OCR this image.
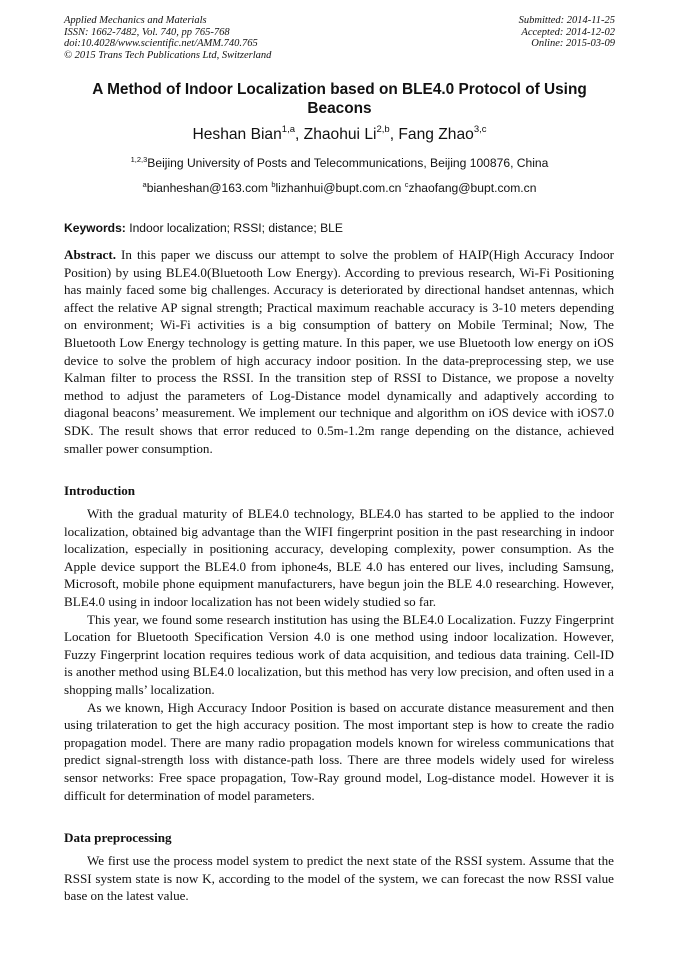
Applied Mechanics and Materials
ISSN: 1662-7482, Vol. 740, pp 765-768
doi:10.4028/www.scientific.net/AMM.740.765
© 2015 Trans Tech Publications Ltd, Switzerland
Submitted: 2014-11-25
Accepted: 2014-12-02
Online: 2015-03-09
A Method of Indoor Localization based on BLE4.0 Protocol of Using Beacons
Heshan Bian$^{1,a}$, Zhaohui Li$^{2,b}$, Fang Zhao$^{3,c}$
$^{1,2,3}$Beijing University of Posts and Telecommunications, Beijing 100876, China
$^a$bianheshan@163.com $^b$lizhanhui@bupt.com.cn $^c$zhaofang@bupt.com.cn
Keywords: Indoor localization; RSSI; distance; BLE

Abstract. In this paper we discuss our attempt to solve the problem of HAIP(High Accuracy Indoor Position) by using BLE4.0(Bluetooth Low Energy). According to previous research, Wi-Fi Positioning has mainly faced some big challenges. Accuracy is deteriorated by directional handset antennas, which affect the relative AP signal strength; Practical maximum reachable accuracy is 3-10 meters depending on environment; Wi-Fi activities is a big consumption of battery on Mobile Terminal; Now, The Bluetooth Low Energy technology is getting mature. In this paper, we use Bluetooth low energy on iOS device to solve the problem of high accuracy indoor position. In the data-preprocessing step, we use Kalman filter to process the RSSI. In the transition step of RSSI to Distance, we propose a novelty method to adjust the parameters of Log-Distance model dynamically and adaptively according to diagonal beacons’ measurement. We implement our technique and algorithm on iOS device with iOS7.0 SDK. The result shows that error reduced to 0.5m-1.2m range depending on the distance, achieved smaller power consumption.

Introduction

With the gradual maturity of BLE4.0 technology, BLE4.0 has started to be applied to the indoor localization, obtained big advantage than the WIFI fingerprint position in the past researching in indoor localization, especially in positioning accuracy, developing complexity, power consumption. As the Apple device support the BLE4.0 from iphone4s, BLE 4.0 has entered our lives, including Samsung, Microsoft, mobile phone equipment manufacturers, have begun join the BLE 4.0 researching. However, BLE4.0 using in indoor localization has not been widely studied so far.

This year, we found some research institution has using the BLE4.0 Localization. Fuzzy Fingerprint Location for Bluetooth Specification Version 4.0 is one method using indoor localization. However, Fuzzy Fingerprint location requires tedious work of data acquisition, and tedious data training. Cell-ID is another method using BLE4.0 localization, but this method has very low precision, and often used in a shopping malls’ localization.

As we known, High Accuracy Indoor Position is based on accurate distance measurement and then using trilateration to get the high accuracy position. The most important step is how to create the radio propagation model. There are many radio propagation models known for wireless communications that predict signal-strength loss with distance-path loss. There are three models widely used for wireless sensor networks: Free space propagation, Tow-Ray ground model, Log-distance model. However it is difficult for determination of model parameters.

Data preprocessing

We first use the process model system to predict the next state of the RSSI system. Assume that the RSSI system state is now K, according to the model of the system, we can forecast the now RSSI value base on the latest value.
